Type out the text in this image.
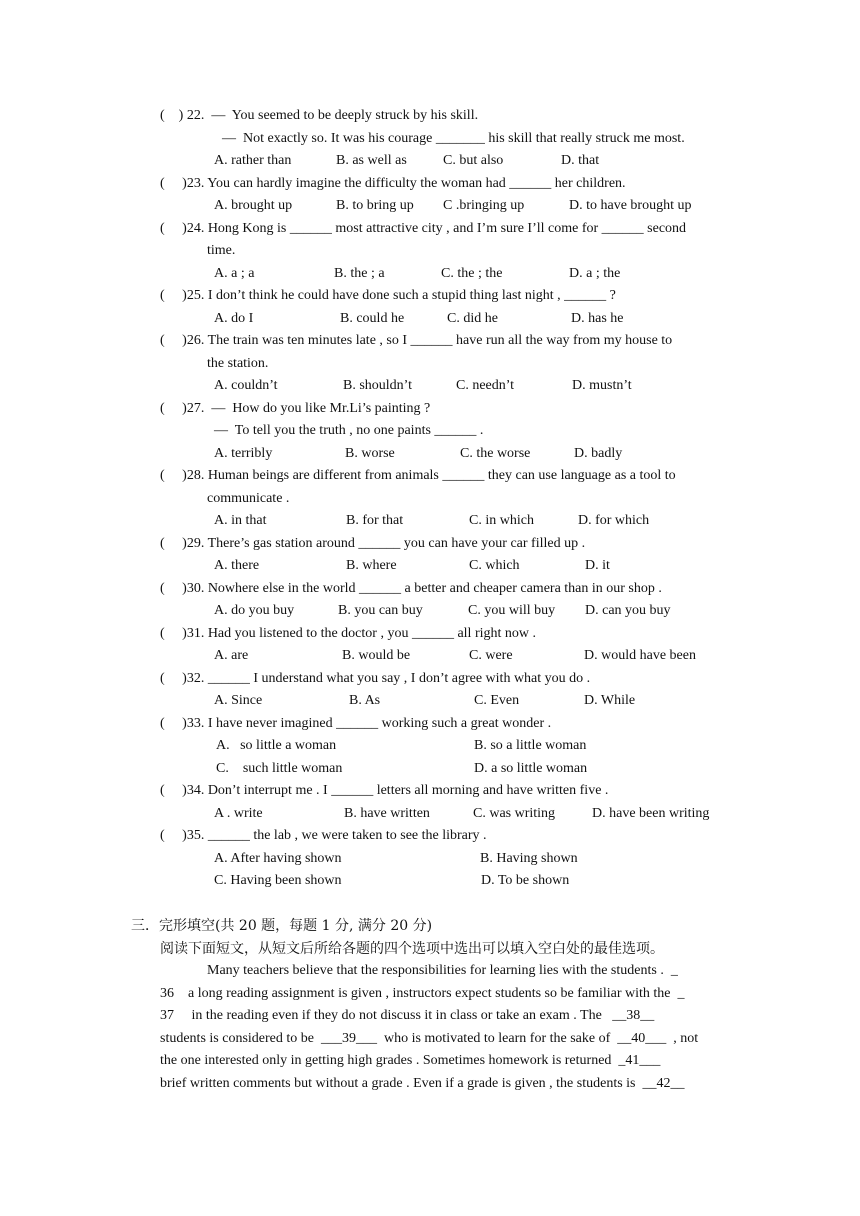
(    ) 22.  —  You seemed to be deeply struck by his skill.
—  Not exactly so. It was his courage _______ his skill that really struck me most.
A. rather than	B. as well as	C. but also	D. that
(     )23. You can hardly imagine the difficulty the woman had ______ her children.
A. brought up	B. to bring up C .bringing up	D. to have brought up
(     )24. Hong Kong is ______ most attractive city , and I’m sure I’ll come for ______ second
time.
A. a ; a	B. the ; a	C. the ; the	D. a ; the
(     )25. I don’t think he could have done such a stupid thing last night , ______ ?
A. do I	B. could he	C. did he	D. has he
(     )26. The train was ten minutes late , so I ______ have run all the way from my house to
the station.
A. couldn’t	B. shouldn’t	C. needn’t	D. mustn’t
(     )27.  —  How do you like Mr.Li’s painting ?
—  To tell you the truth , no one paints ______ .
A. terribly	B. worse	C. the worse	D. badly
(     )28. Human beings are different from animals ______ they can use language as a tool to
communicate .
A. in that	B. for that	C. in which	D. for which
(     )29. There’s gas station around ______ you can have your car filled up .
A. there	B. where	C. which	D. it
(     )30. Nowhere else in the world ______ a better and cheaper camera than in our shop .
A. do you buy	B. you can buy	C. you will buy D. can you buy
(     )31. Had you listened to the doctor , you ______ all right now .
A. are	B. would be	C. were	D. would have been
(     )32. ______ I understand what you say , I don’t agree with what you do .
A. Since	B. As	C. Even	D. While
(     )33. I have never imagined ______ working such a great wonder .
A.   so little a woman	B. so a little woman
C.    such little woman	D. a so little woman
(     )34. Don’t interrupt me . I ______ letters all morning and have written five .
A . write	B. have written	C. was writing	D. have been writing
(     )35. ______ the lab , we were taken to see the library .
A. After having shown	B. Having shown
C. Having been shown	D. To be shown
三．完形填空(共 20 题，每题 1 分, 满分 20 分)
阅读下面短文，从短文后所给各题的四个选项中选出可以填入空白处的最佳选项。
Many teachers believe that the responsibilities for learning lies with the students .  _
36    a long reading assignment is given , instructors expect students so be familiar with the  _
37     in the reading even if they do not discuss it in class or take an exam . The   __38__
students is considered to be  ___39___  who is motivated to learn for the sake of  __40___  , not
the one interested only in getting high grades . Sometimes homework is returned  _41___
brief written comments but without a grade . Even if a grade is given , the students is  __42__
